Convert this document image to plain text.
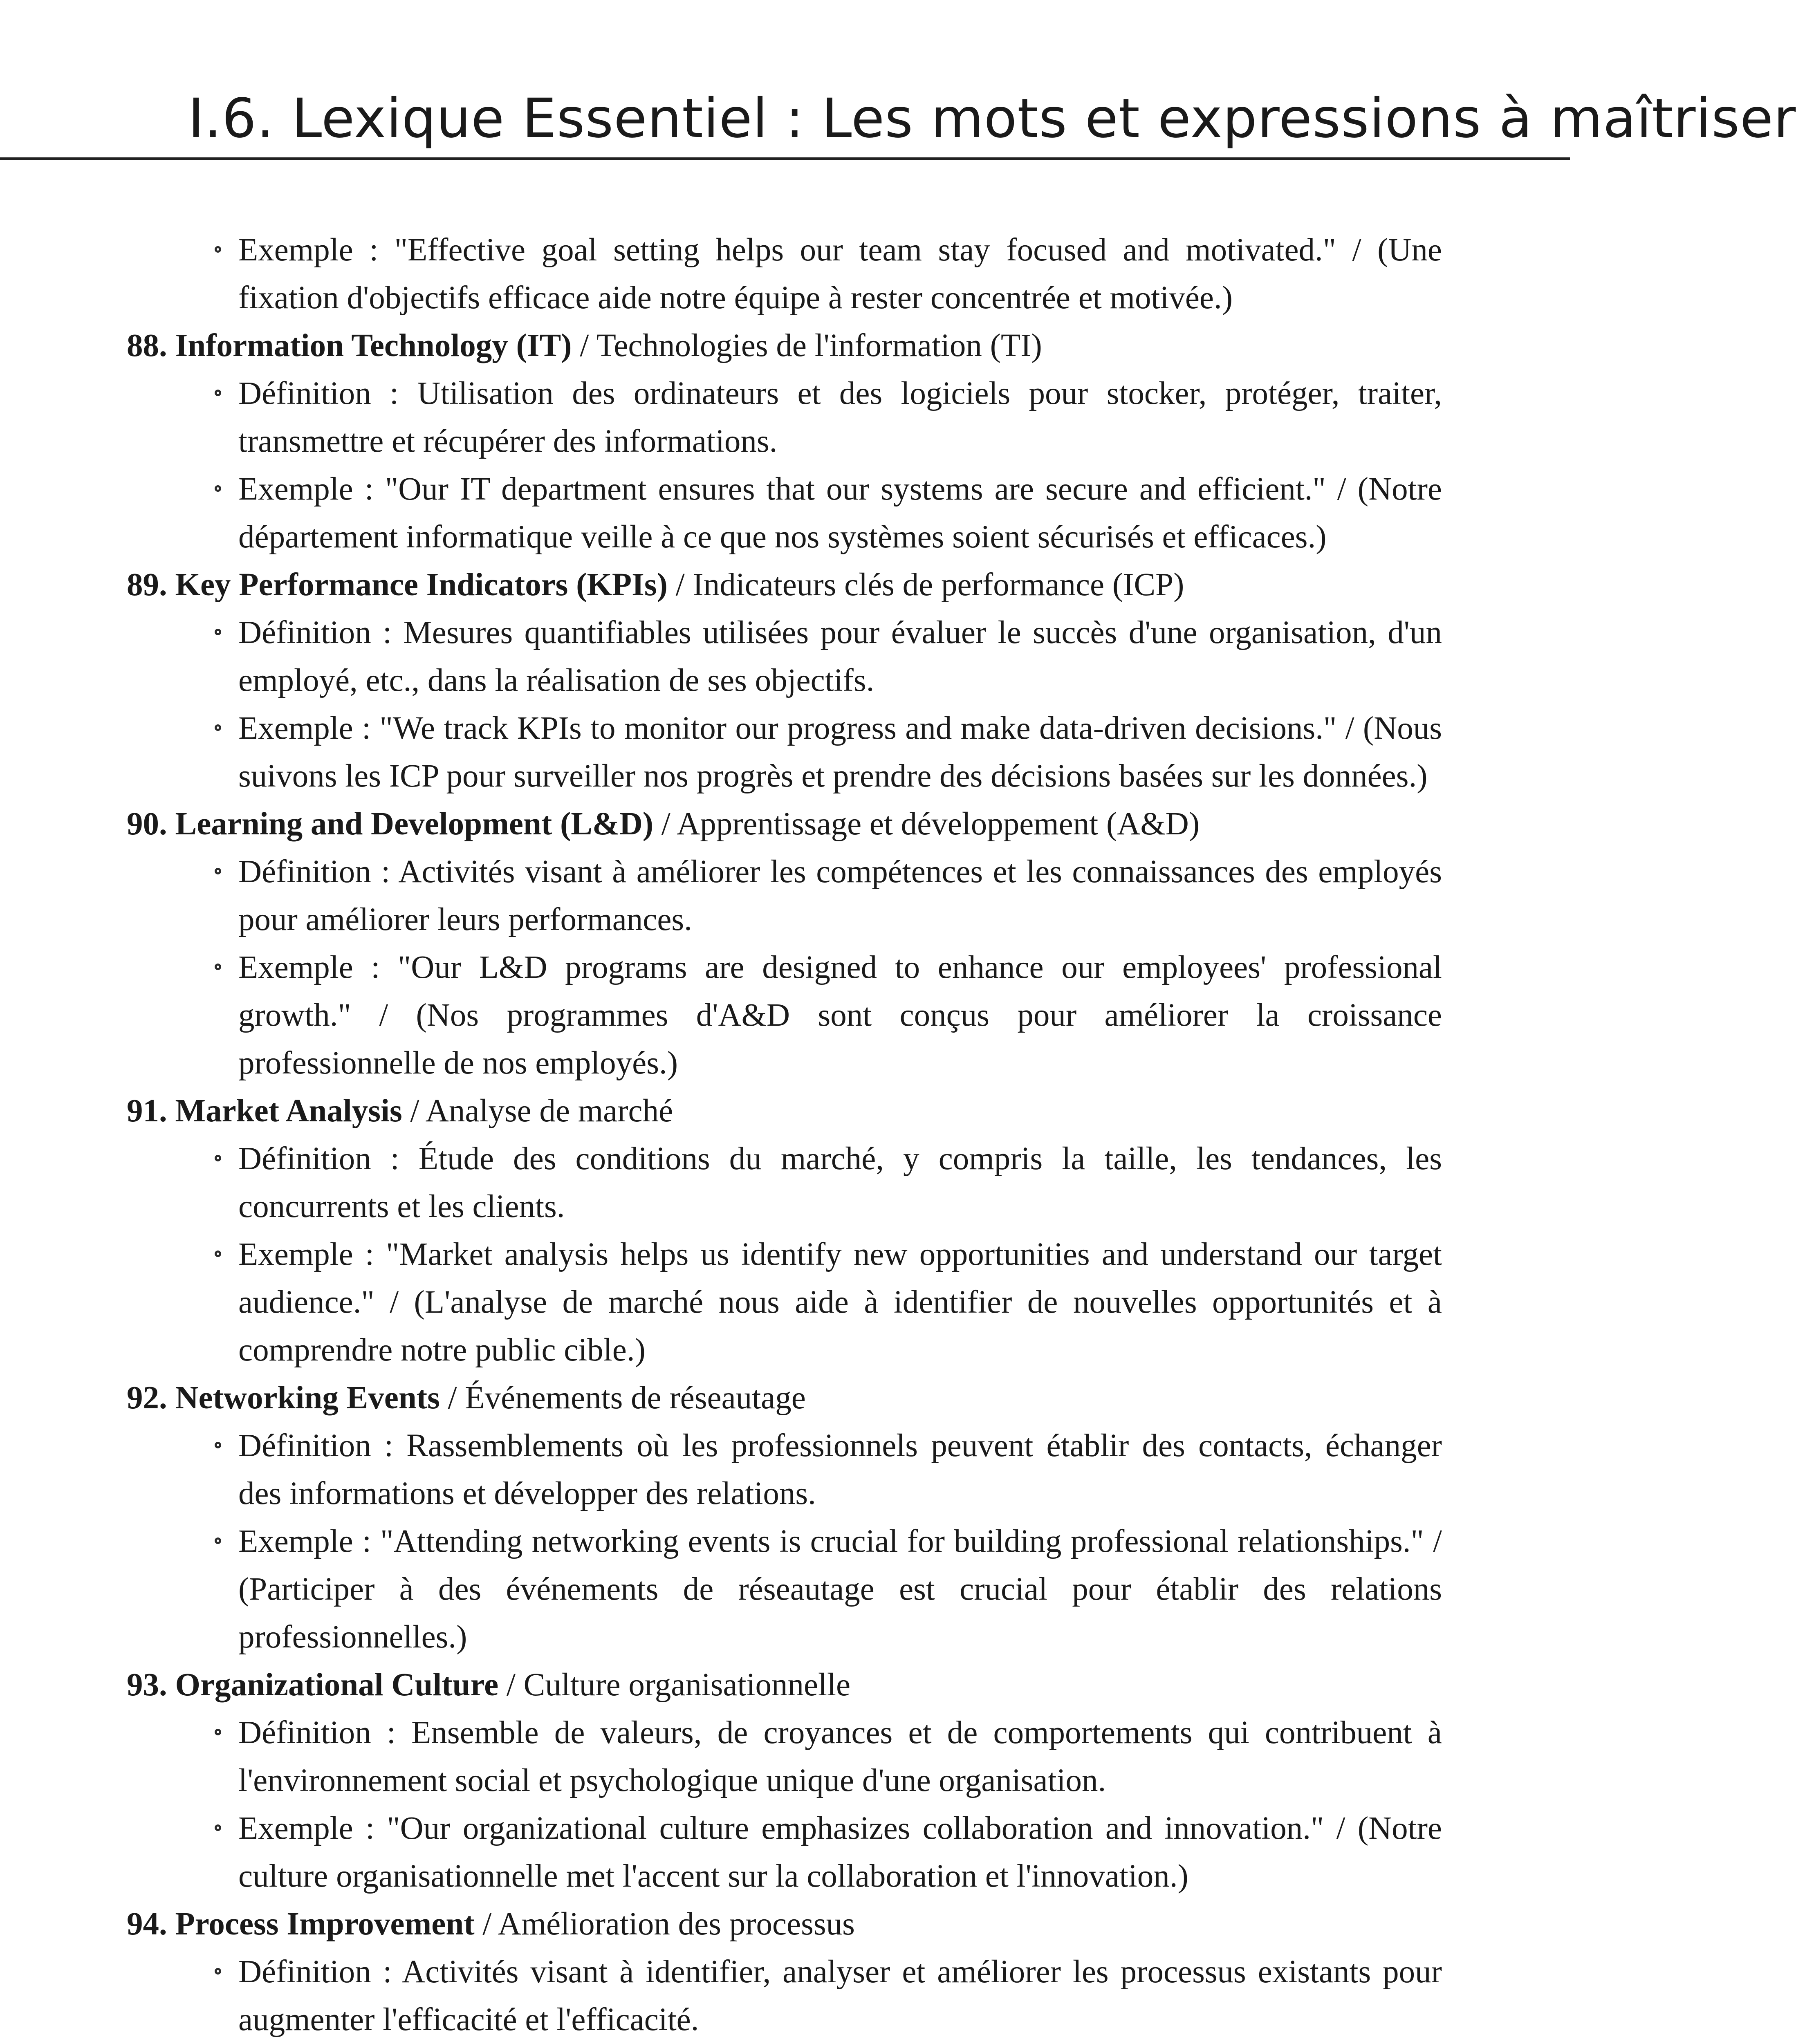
I.6. Lexique Essentiel : Les mots et expressions à maîtriser

Exemple : "Effective goal setting helps our team stay focused and motivated." / (Une fixation d'objectifs efficace aide notre équipe à rester concentrée et motivée.)

88. Information Technology (IT) / Technologies de l'information (TI)

Définition : Utilisation des ordinateurs et des logiciels pour stocker, protéger, traiter, transmettre et récupérer des informations.

Exemple : "Our IT department ensures that our systems are secure and efficient." / (Notre département informatique veille à ce que nos systèmes soient sécurisés et efficaces.)

89. Key Performance Indicators (KPIs) / Indicateurs clés de performance (ICP)

Définition : Mesures quantifiables utilisées pour évaluer le succès d'une organisation, d'un employé, etc., dans la réalisation de ses objectifs.

Exemple : "We track KPIs to monitor our progress and make data-driven decisions." / (Nous suivons les ICP pour surveiller nos progrès et prendre des décisions basées sur les données.)

90. Learning and Development (L&D) / Apprentissage et développement (A&D)

Définition : Activités visant à améliorer les compétences et les connaissances des employés pour améliorer leurs performances.

Exemple : "Our L&D programs are designed to enhance our employees' professional growth." / (Nos programmes d'A&D sont conçus pour améliorer la croissance professionnelle de nos employés.)

91. Market Analysis / Analyse de marché

Définition : Étude des conditions du marché, y compris la taille, les tendances, les concurrents et les clients.

Exemple : "Market analysis helps us identify new opportunities and understand our target audience." / (L'analyse de marché nous aide à identifier de nouvelles opportunités et à comprendre notre public cible.)

92. Networking Events / Événements de réseautage

Définition : Rassemblements où les professionnels peuvent établir des contacts, échanger des informations et développer des relations.

Exemple : "Attending networking events is crucial for building professional relationships." / (Participer à des événements de réseautage est crucial pour établir des relations professionnelles.)

93. Organizational Culture / Culture organisationnelle

Définition : Ensemble de valeurs, de croyances et de comportements qui contribuent à l'environnement social et psychologique unique d'une organisation.

Exemple : "Our organizational culture emphasizes collaboration and innovation." / (Notre culture organisationnelle met l'accent sur la collaboration et l'innovation.)

94. Process Improvement / Amélioration des processus

Définition : Activités visant à identifier, analyser et améliorer les processus existants pour augmenter l'efficacité et l'efficacité.
